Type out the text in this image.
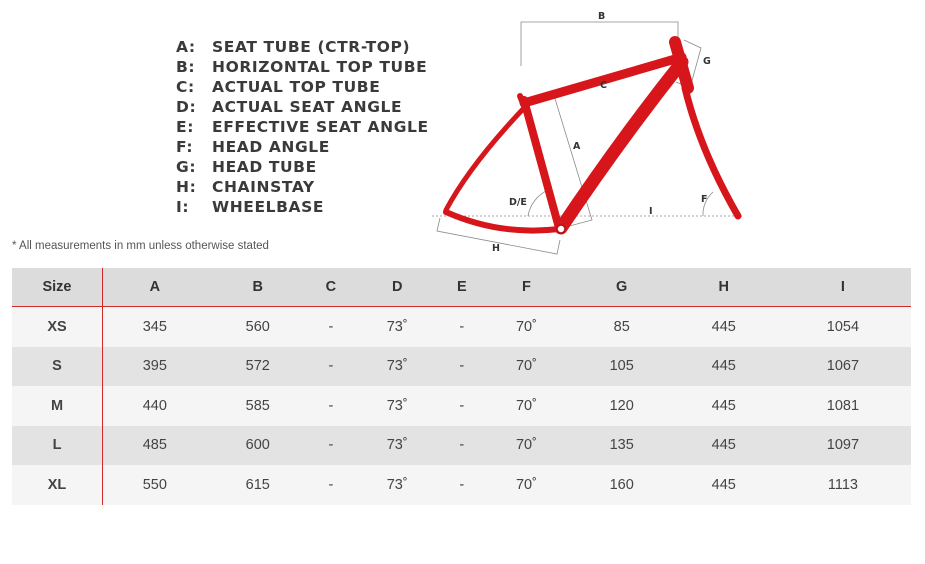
A:	SEAT TUBE (CTR-TOP)
B:	HORIZONTAL TOP TUBE
C:	ACTUAL TOP TUBE
D:	ACTUAL SEAT ANGLE
E:	EFFECTIVE SEAT ANGLE
F:	HEAD ANGLE
G:	HEAD TUBE
H:	CHAINSTAY
I:	WHEELBASE
B
G
C
A
D/E	F
I
H
* All measurements in mm unless otherwise stated
Size	A	B	C	D	E	F	G	H	I
XS	345	560	-	73˚	-	70˚	85	445	1054
S	395	572	-	73˚	-	70˚	105	445	1067
M	440	585	-	73˚	-	70˚	120	445	1081
L	485	600	-	73˚	-	70˚	135	445	1097
XL	550	615	-	73˚	-	70˚	160	445	1113
